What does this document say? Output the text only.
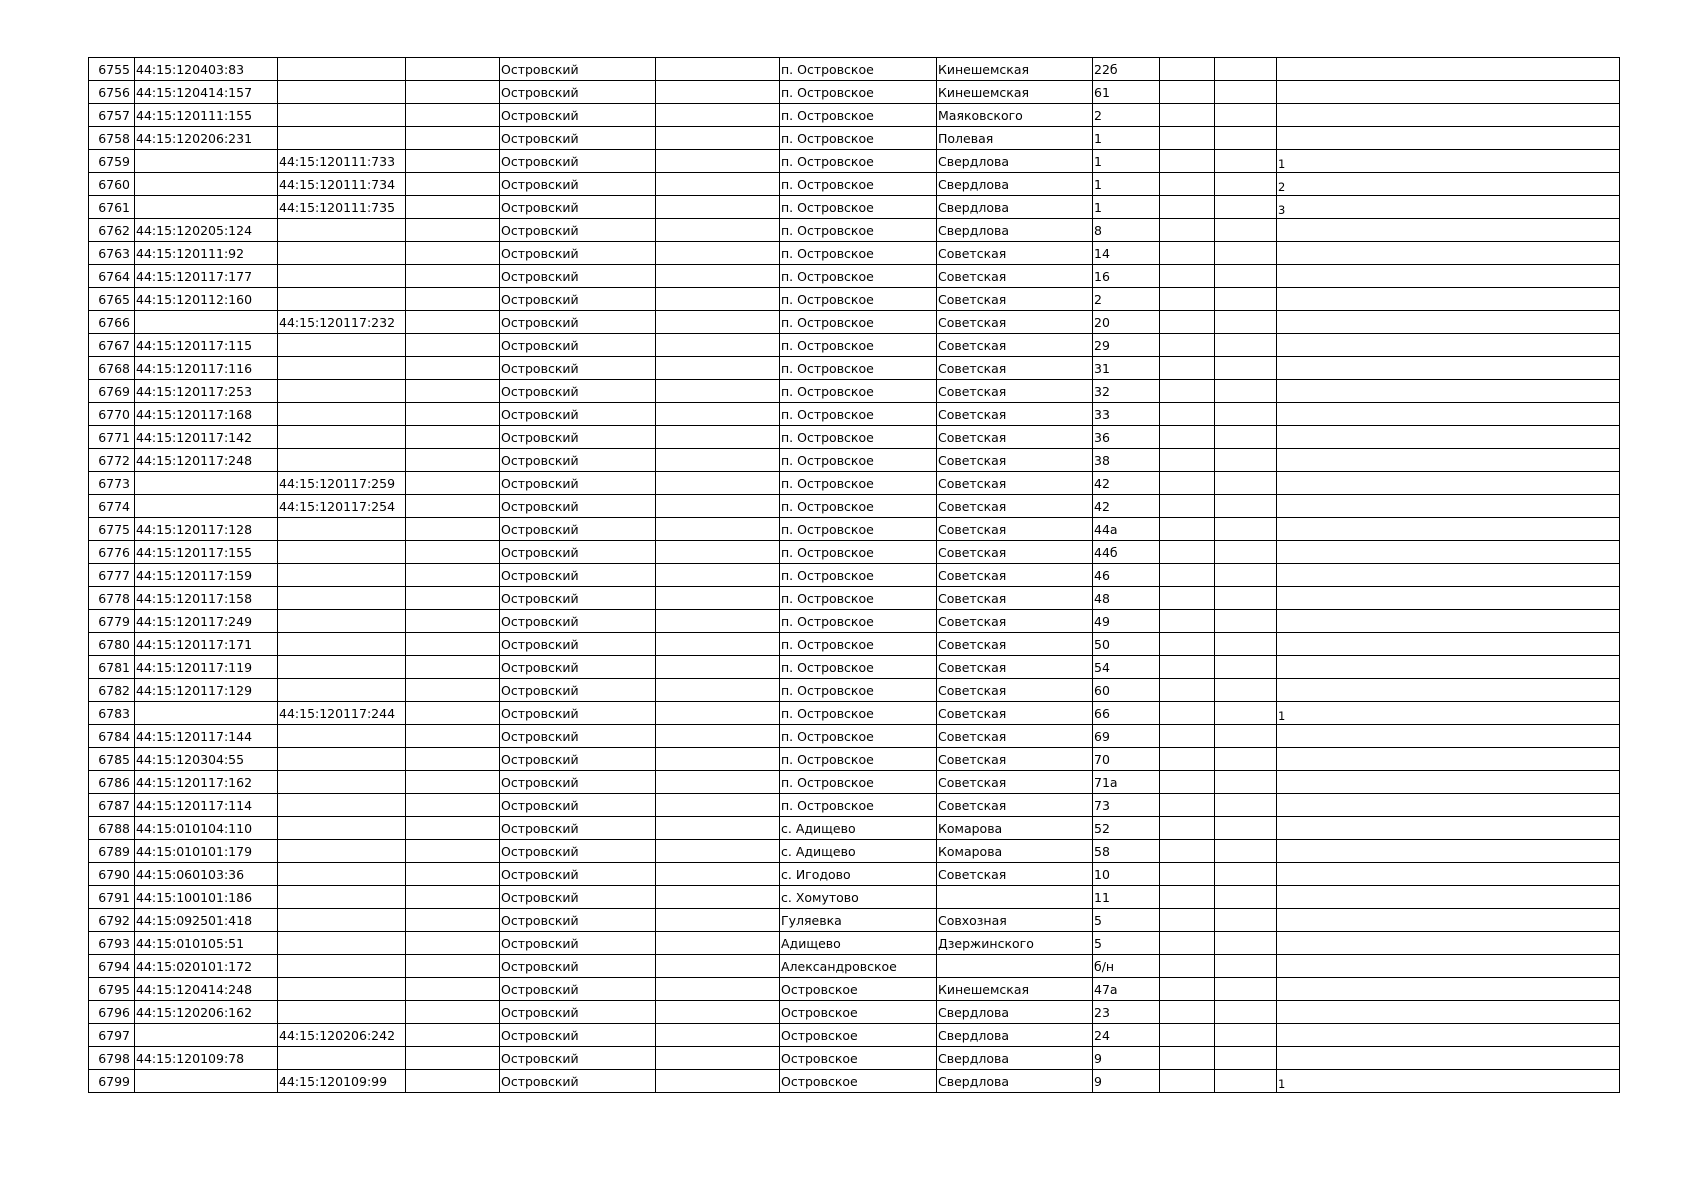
6755	44:15:120403:83			Островский		п. Островское	Кинешемская	22б			
6756	44:15:120414:157			Островский		п. Островское	Кинешемская	61			
6757	44:15:120111:155			Островский		п. Островское	Маяковского	2			
6758	44:15:120206:231			Островский		п. Островское	Полевая	1			
6759		44:15:120111:733		Островский		п. Островское	Свердлова	1			1
6760		44:15:120111:734		Островский		п. Островское	Свердлова	1			2
6761		44:15:120111:735		Островский		п. Островское	Свердлова	1			3
6762	44:15:120205:124			Островский		п. Островское	Свердлова	8			
6763	44:15:120111:92			Островский		п. Островское	Советская	14			
6764	44:15:120117:177			Островский		п. Островское	Советская	16			
6765	44:15:120112:160			Островский		п. Островское	Советская	2			
6766		44:15:120117:232		Островский		п. Островское	Советская	20			
6767	44:15:120117:115			Островский		п. Островское	Советская	29			
6768	44:15:120117:116			Островский		п. Островское	Советская	31			
6769	44:15:120117:253			Островский		п. Островское	Советская	32			
6770	44:15:120117:168			Островский		п. Островское	Советская	33			
6771	44:15:120117:142			Островский		п. Островское	Советская	36			
6772	44:15:120117:248			Островский		п. Островское	Советская	38			
6773		44:15:120117:259		Островский		п. Островское	Советская	42			
6774		44:15:120117:254		Островский		п. Островское	Советская	42			
6775	44:15:120117:128			Островский		п. Островское	Советская	44а			
6776	44:15:120117:155			Островский		п. Островское	Советская	44б			
6777	44:15:120117:159			Островский		п. Островское	Советская	46			
6778	44:15:120117:158			Островский		п. Островское	Советская	48			
6779	44:15:120117:249			Островский		п. Островское	Советская	49			
6780	44:15:120117:171			Островский		п. Островское	Советская	50			
6781	44:15:120117:119			Островский		п. Островское	Советская	54			
6782	44:15:120117:129			Островский		п. Островское	Советская	60			
6783		44:15:120117:244		Островский		п. Островское	Советская	66			1
6784	44:15:120117:144			Островский		п. Островское	Советская	69			
6785	44:15:120304:55			Островский		п. Островское	Советская	70			
6786	44:15:120117:162			Островский		п. Островское	Советская	71а			
6787	44:15:120117:114			Островский		п. Островское	Советская	73			
6788	44:15:010104:110			Островский		с. Адищево	Комарова	52			
6789	44:15:010101:179			Островский		с. Адищево	Комарова	58			
6790	44:15:060103:36			Островский		с. Игодово	Советская	10			
6791	44:15:100101:186			Островский		с. Хомутово		11			
6792	44:15:092501:418			Островский		Гуляевка	Совхозная	5			
6793	44:15:010105:51			Островский		Адищево	Дзержинского	5			
6794	44:15:020101:172			Островский		Александровское		б/н			
6795	44:15:120414:248			Островский		Островское	Кинешемская	47а			
6796	44:15:120206:162			Островский		Островское	Свердлова	23			
6797		44:15:120206:242		Островский		Островское	Свердлова	24			
6798	44:15:120109:78			Островский		Островское	Свердлова	9			
6799		44:15:120109:99		Островский		Островское	Свердлова	9			1
